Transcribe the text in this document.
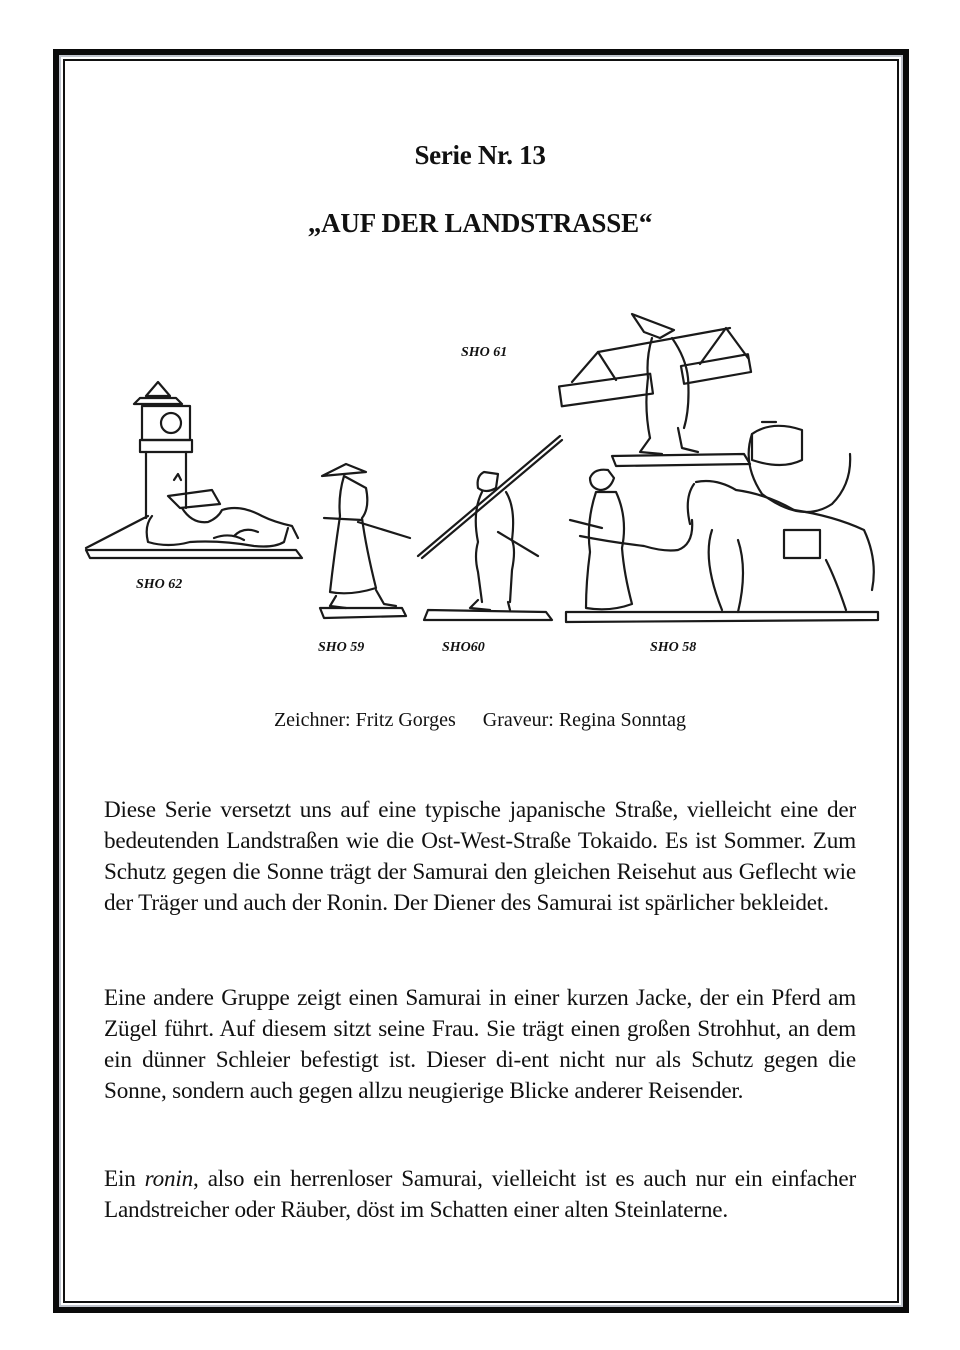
Serie Nr. 13
„AUF DER LANDSTRASSE“
SHO 62
SHO 61
SHO 59	SHO60	SHO 58
Zeichner: Fritz Gorges Graveur: Regina Sonntag

Diese Serie versetzt uns auf eine typische japanische Straße, vielleicht eine der bedeutenden Landstraßen wie die Ost-West-Straße Tokaido. Es ist Sommer. Zum Schutz gegen die Sonne trägt der Samurai den gleichen Reisehut aus Geflecht wie der Träger und auch der Ronin. Der Diener des Samurai ist spärlicher bekleidet.

Eine andere Gruppe zeigt einen Samurai in einer kurzen Jacke, der ein Pferd am Zügel führt. Auf diesem sitzt seine Frau. Sie trägt einen großen Strohhut, an dem ein dünner Schleier befestigt ist. Dieser di-ent nicht nur als Schutz gegen die Sonne, sondern auch gegen allzu neugierige Blicke anderer Reisender.

Ein ronin, also ein herrenloser Samurai, vielleicht ist es auch nur ein einfacher Landstreicher oder Räuber, döst im Schatten einer alten Steinlaterne.
